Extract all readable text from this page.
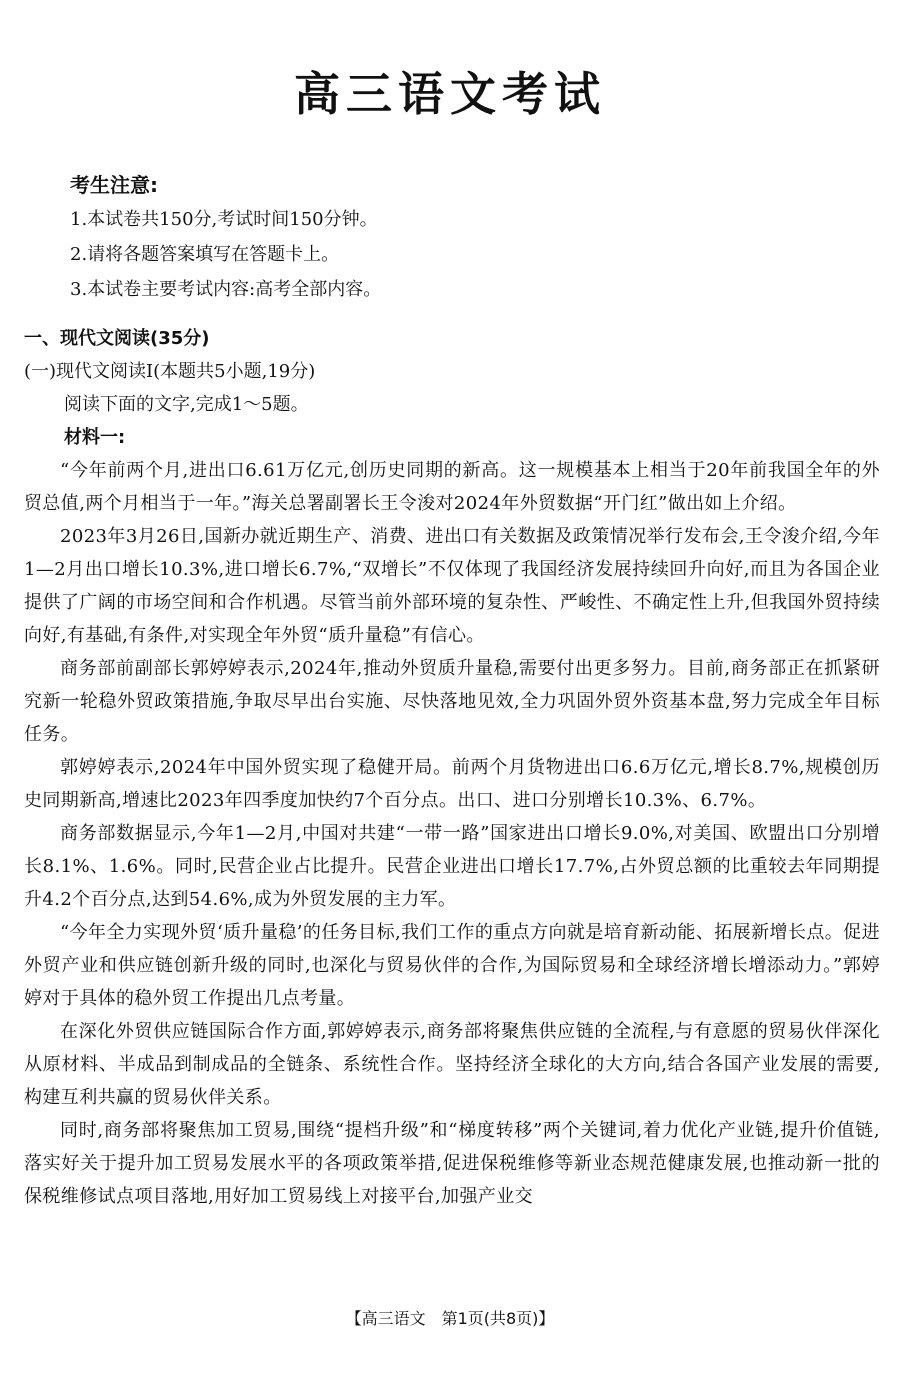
高三语文考试
考生注意:
1.本试卷共150分,考试时间150分钟。
2.请将各题答案填写在答题卡上。
3.本试卷主要考试内容:高考全部内容。
一、现代文阅读(35分)
(一)现代文阅读Ⅰ(本题共5小题,19分)
阅读下面的文字,完成1～5题。
材料一:

“今年前两个月,进出口6.61万亿元,创历史同期的新高。这一规模基本上相当于20年前我国全年的外贸总值,两个月相当于一年。”海关总署副署长王令浚对2024年外贸数据“开门红”做出如上介绍。

2023年3月26日,国新办就近期生产、消费、进出口有关数据及政策情况举行发布会,王令浚介绍,今年1—2月出口增长10.3%,进口增长6.7%,“双增长”不仅体现了我国经济发展持续回升向好,而且为各国企业提供了广阔的市场空间和合作机遇。尽管当前外部环境的复杂性、严峻性、不确定性上升,但我国外贸持续向好,有基础,有条件,对实现全年外贸“质升量稳”有信心。

商务部前副部长郭婷婷表示,2024年,推动外贸质升量稳,需要付出更多努力。目前,商务部正在抓紧研究新一轮稳外贸政策措施,争取尽早出台实施、尽快落地见效,全力巩固外贸外资基本盘,努力完成全年目标任务。

郭婷婷表示,2024年中国外贸实现了稳健开局。前两个月货物进出口6.6万亿元,增长8.7%,规模创历史同期新高,增速比2023年四季度加快约7个百分点。出口、进口分别增长10.3%、6.7%。

商务部数据显示,今年1—2月,中国对共建“一带一路”国家进出口增长9.0%,对美国、欧盟出口分别增长8.1%、1.6%。同时,民营企业占比提升。民营企业进出口增长17.7%,占外贸总额的比重较去年同期提升4.2个百分点,达到54.6%,成为外贸发展的主力军。

“今年全力实现外贸‘质升量稳’的任务目标,我们工作的重点方向就是培育新动能、拓展新增长点。促进外贸产业和供应链创新升级的同时,也深化与贸易伙伴的合作,为国际贸易和全球经济增长增添动力。”郭婷婷对于具体的稳外贸工作提出几点考量。

在深化外贸供应链国际合作方面,郭婷婷表示,商务部将聚焦供应链的全流程,与有意愿的贸易伙伴深化从原材料、半成品到制成品的全链条、系统性合作。坚持经济全球化的大方向,结合各国产业发展的需要,构建互利共赢的贸易伙伴关系。

同时,商务部将聚焦加工贸易,围绕“提档升级”和“梯度转移”两个关键词,着力优化产业链,提升价值链,落实好关于提升加工贸易发展水平的各项政策举措,促进保税维修等新业态规范健康发展,也推动新一批的保税维修试点项目落地,用好加工贸易线上对接平台,加强产业交

【高三语文　第1页(共8页)】
